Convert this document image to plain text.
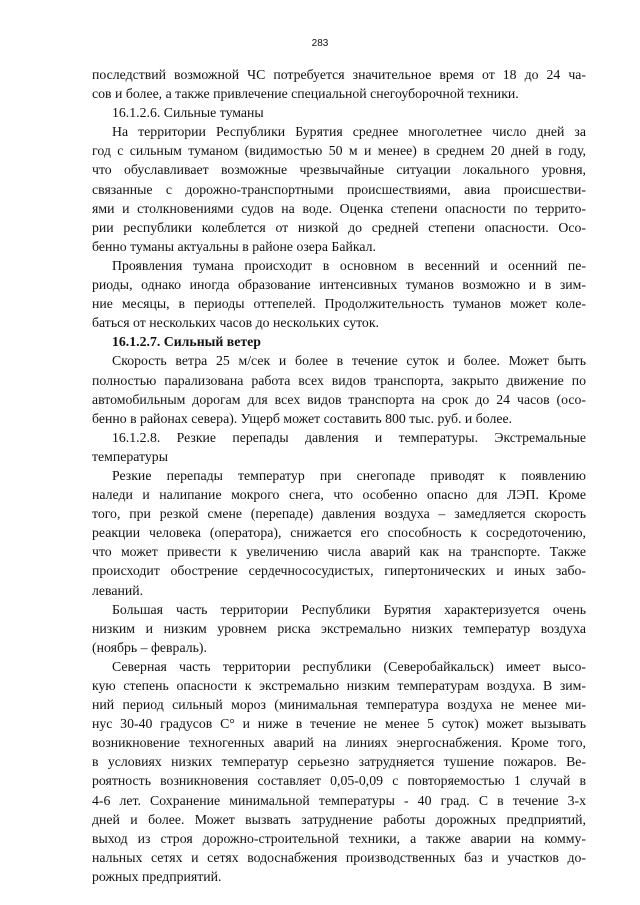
283
последствий возможной ЧС потребуется значительное время от 18 до 24 ча-
сов и более, а также привлечение специальной снегоуборочной техники.
16.1.2.6. Сильные туманы
На территории Республики Бурятия среднее многолетнее число дней за
год с сильным туманом (видимостью 50 м и менее) в среднем 20 дней в году,
что обуславливает возможные чрезвычайные ситуации локального уровня,
связанные с дорожно-транспортными происшествиями, авиа происшестви-
ями и столкновениями судов на воде. Оценка степени опасности по террито-
рии республики колеблется от низкой до средней степени опасности. Осо-
бенно туманы актуальны в районе озера Байкал.
Проявления тумана происходит в основном в весенний и осенний пе-
риоды, однако иногда образование интенсивных туманов возможно и в зим-
ние месяцы, в периоды оттепелей. Продолжительность туманов может коле-
баться от нескольких часов до нескольких суток.
16.1.2.7. Сильный ветер
Скорость ветра 25 м/сек и более в течение суток и более. Может быть
полностью парализована работа всех видов транспорта, закрыто движение по
автомобильным дорогам для всех видов транспорта на срок до 24 часов (осо-
бенно в районах севера). Ущерб может составить 800 тыс. руб. и более.
16.1.2.8. Резкие перепады давления и температуры. Экстремальные
температуры
Резкие перепады температур при снегопаде приводят к появлению
наледи и налипание мокрого снега, что особенно опасно для ЛЭП. Кроме
того, при резкой смене (перепаде) давления воздуха – замедляется скорость
реакции человека (оператора), снижается его способность к сосредоточению,
что может привести к увеличению числа аварий как на транспорте. Также
происходит обострение сердечнососудистых, гипертонических и иных забо-
леваний.
Большая часть территории Республики Бурятия характеризуется очень
низким и низким уровнем риска экстремально низких температур воздуха
(ноябрь – февраль).
Северная часть территории республики (Северобайкальск) имеет высо-
кую степень опасности к экстремально низким температурам воздуха. В зим-
ний период сильный мороз (минимальная температура воздуха не менее ми-
нус 30-40 градусов С° и ниже в течение не менее 5 суток) может вызывать
возникновение техногенных аварий на линиях энергоснабжения. Кроме того,
в условиях низких температур серьезно затрудняется тушение пожаров. Ве-
роятность возникновения составляет 0,05-0,09 с повторяемостью 1 случай в
4-6 лет. Сохранение минимальной температуры - 40 град. С в течение 3-х
дней и более. Может вызвать затруднение работы дорожных предприятий,
выход из строя дорожно-строительной техники, а также аварии на комму-
нальных сетях и сетях водоснабжения производственных баз и участков до-
рожных предприятий.
